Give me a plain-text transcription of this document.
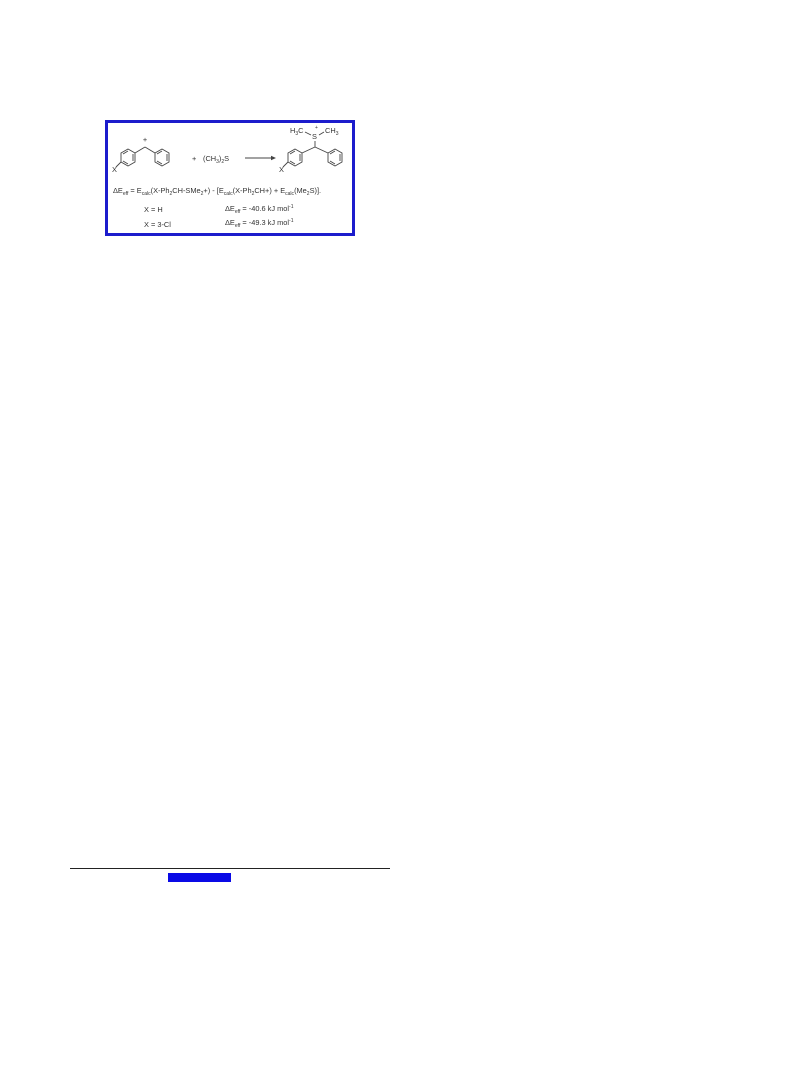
+
X
+ $(CH_3)_2S$
X
$H_3C$
S
+ $CH_3$
$\Delta E_{eff} = E_{calc}(X-Ph_2CH-SMe_2+) - [E_{calc}(X-Ph_2CH+) + E_{calc}(Me_2S)]$.
X = H	$\Delta E_{eff} = -40.6$ kJ mol$^{-1}$
X = 3-Cl	$\Delta E_{eff} = -49.3$ kJ mol$^{-1}$
